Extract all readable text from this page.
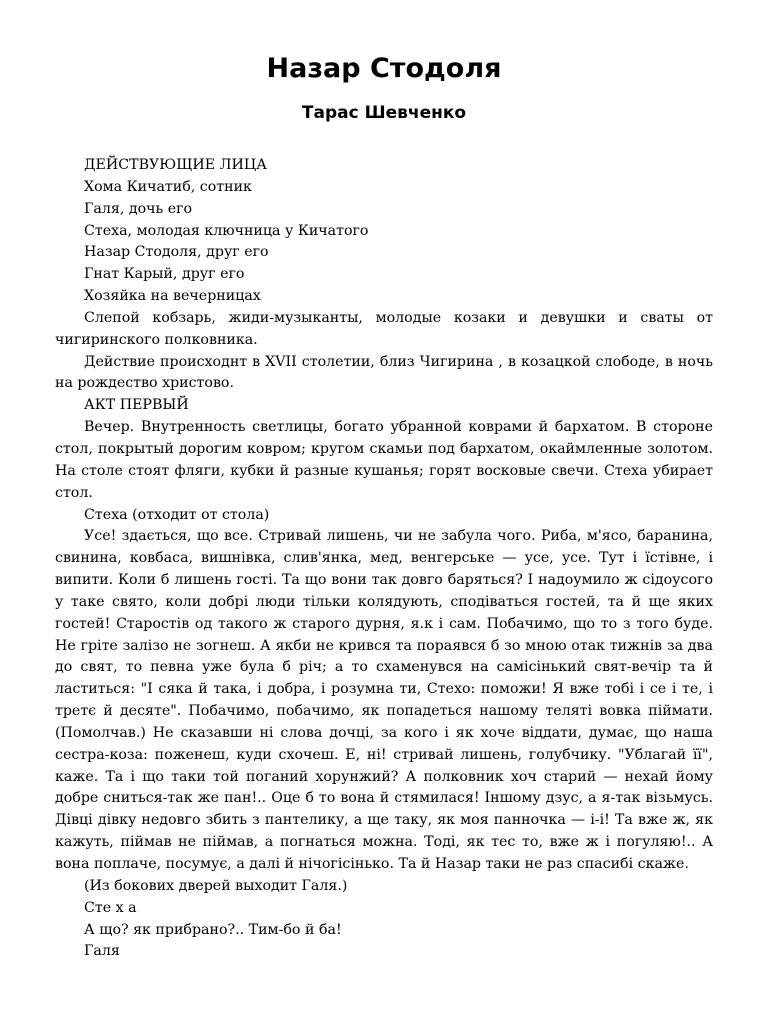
Назар Стодоля
Тарас Шевченко

ДЕЙСТВУЮЩИЕ ЛИЦА

Хома Кичатиб, сотник

Галя, дочь его

Стеха, молодая ключница у Кичатого

Назар Стодоля, друг его

Гнат Карый, друг его

Хозяйка на вечерницах

Слепой кобзарь, жиди-музыканты, молодые козаки и девушки и сваты от чигиринского полковника.

Действие происходнт в XVII столетии, близ Чигирина , в козацкой слободе, в ночь на рождество христово.

АКТ ПЕРВЫЙ

Вечер. Внутренность светлицы, богато убранной коврами й бархатом. В стороне стол, покрытый дорогим ковром; кругом скамьи под бархатом, окаймленные золотом. На столе стоят фляги, кубки й разные кушанья; горят восковые свечи. Стеха убирает стол.

Стеха (отходит от стола)

Усе! здається, що все. Стривай лишень, чи не забула чого. Риба, м'ясо, баранина, свинина, ковбаса, вишнівка, слив'янка, мед, венгерське — усе, усе. Тут і їстівне, і випити. Коли б лишень гості. Та що вони так довго баряться? І надоумило ж сідоусого у таке свято, коли добрі люди тільки колядують, сподіваться гостей, та й ще яких гостей! Старостів од такого ж старого дурня, я.к і сам. Побачимо, що то з того буде. Не гріте залізо не зогнеш. А якби не крився та пораявся б зо мною отак тижнів за два до свят, то певна уже була б річ; а то схаменувся на самісінький свят-вечір та й ластиться: "І сяка й така, і добра, і розумна ти, Стехо: поможи! Я вже тобі і се і те, і третє й десяте". Побачимо, побачимо, як попадеться нашому теляті вовка піймати. (Помолчав.) Не сказавши ні слова дочці, за кого і як хоче віддати, думає, що наша сестра-коза: поженеш, куди схочеш. Е, ні! стривай лишень, голубчику. "Ублагай її", каже. Та і що таки той поганий хорунжий? А полковник хоч старий — нехай йому добре сниться-так же пан!.. Оце б то вона й стямилася! Іншому дзус, а я-так візьмусь. Дівці дівку недовго збить з пантелику, а ще таку, як моя панночка — і-і! Та вже ж, як кажуть, піймав не піймав, а погнаться можна. Тоді, як тес то, вже ж і погуляю!.. А вона поплаче, посумує, а далі й нічогісінько. Та й Назар таки не раз спасибі скаже.

(Из бокових дверей выходит Галя.)

Сте х а

А що? як прибрано?.. Тим-бо й ба!

Галя
